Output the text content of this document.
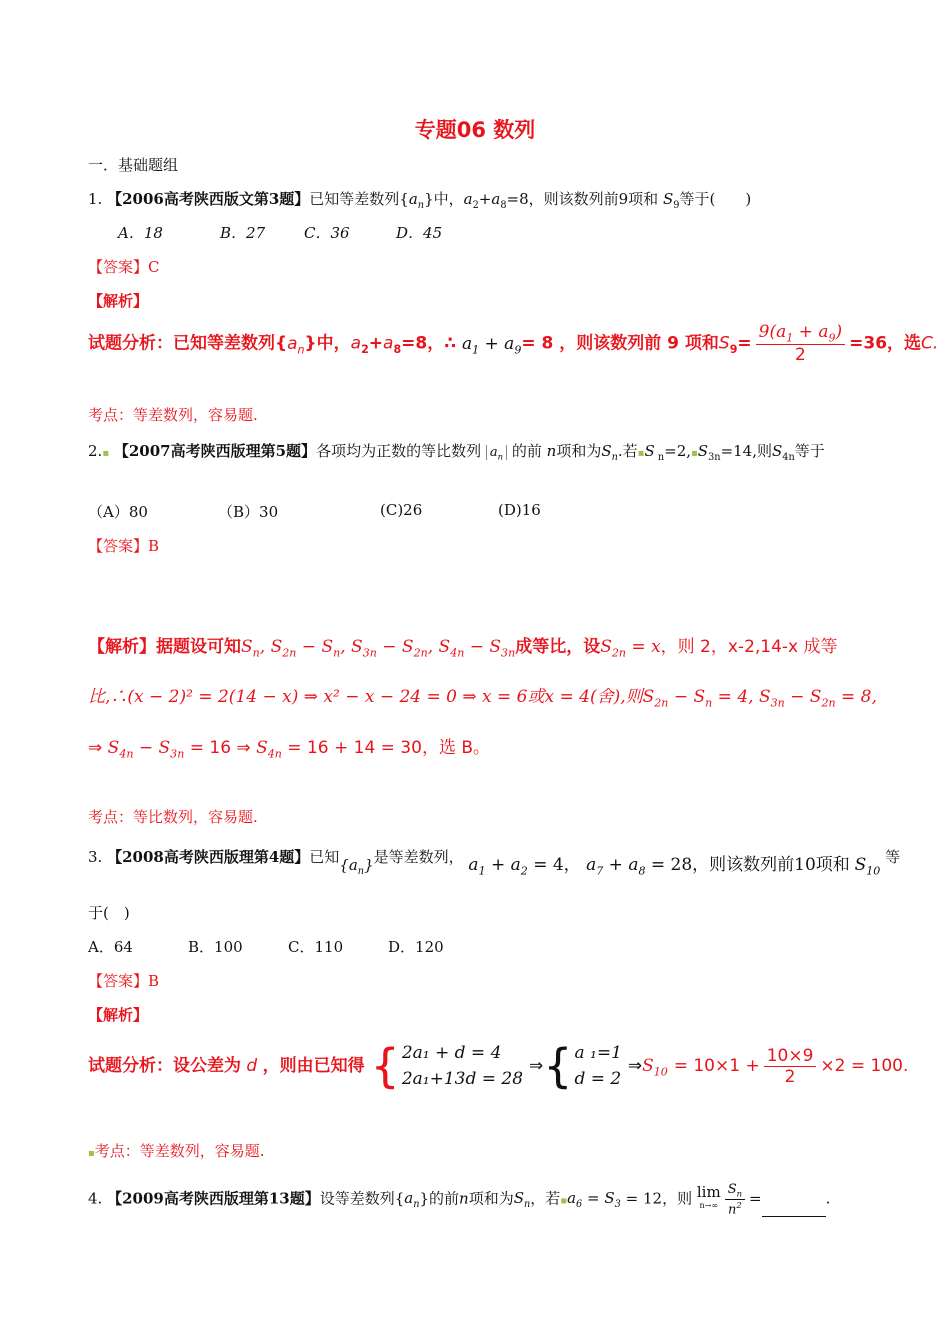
专题06 数列
一．基础题组
1. 【2006高考陕西版文第3题】已知等差数列$\{a_n\}$中，$a_2+a_8=8$，则该数列前9项和 $S_9$等于(　　)
A．18	B．27	C．36	D．45
【答案】C
【解析】
试题分析：已知等差数列$\{a_n\}$中，$a_2+a_8=8$，∴ $a_1 + a_9= 8$ ，则该数列前 9 项和$S_9= \frac{9(a_1 + a_9)}{2} =36$，选C.
考点：等差数列，容易题.
2.▪ 【2007高考陕西版理第5题】各项均为正数的等比数列 $a_n$ 的前 n项和为$S_n$.若▪S $_n=2,▪S_{3n}=14$,则$S_{4n}$等于
（A）80	（B）30	(C)26	(D)16
【答案】B
【解析】据题设可知$S_n$, $S_{2n} - S_n$, $S_{3n} - S_{2n}$, $S_{4n} - S_{3n}$成等比，设$S_{2n} = x$，则 2，x-2,14-x 成等
比,∴(x − 2)² = 2(14 − x) ⇒ x² − x − 24 = 0 ⇒ x = 6或x = 4(舍),则$S_{2n} - S_n = 4$, $S_{3n} - S_{2n} = 8$,
⇒ $S_{4n} - S_{3n} = 16$ ⇒ $S_{4n} = 16 + 14 = 30$，选 B。
考点：等比数列，容易题.
3. 【2008高考陕西版理第4题】已知$\{a_n\}$是等差数列， $a_1 + a_2 = 4$， $a_7 + a_8 = 28$，则该数列前10项和 $S_{10}$ 等
于(　)
A．64	B．100	C．110	D．120
【答案】B
【解析】
试题分析：设公差为 d ，则由已知得 { 2a₁ + d = 4
2a₁+13d = 28
⇒{ a ₁=1
d = 2
$\Rightarrow S_{10} = 10\times 1 + \frac{10\times 9}{2} \times 2 = 100$.
▪考点：等差数列，容易题.
4. 【2009高考陕西版理第13题】设等差数列$\{a_n\}$的前n项和为$S_n$，若$▪a_6 = S_3 = 12$，则 lim
$n\to\infty \frac{S_n}{n^2}$ =	.
